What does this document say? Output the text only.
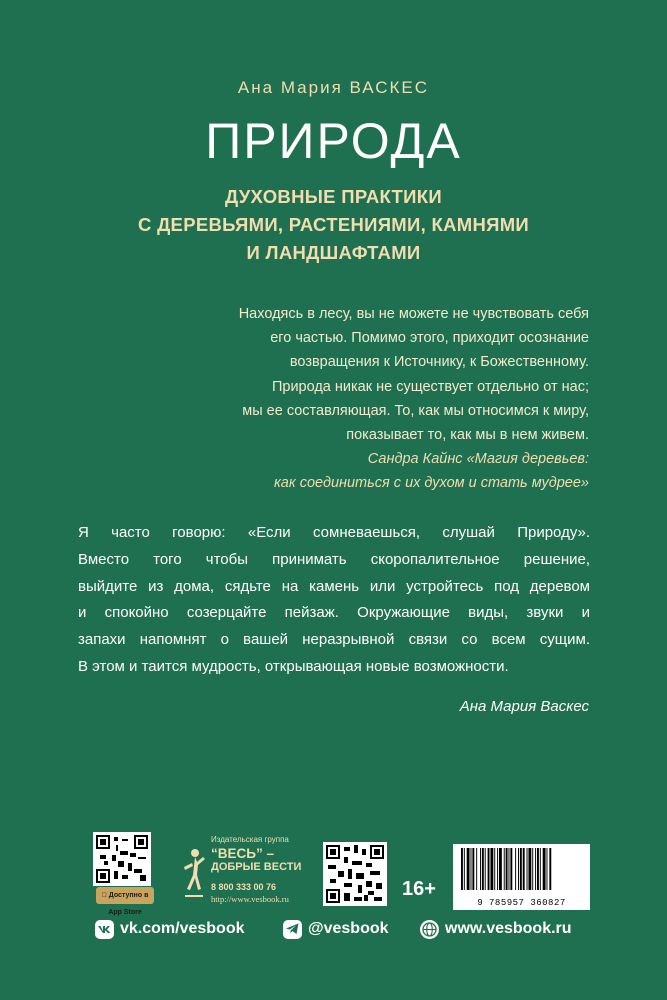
Ана Мария ВАСКЕС
ПРИРОДА
ДУХОВНЫЕ ПРАКТИКИ
С ДЕРЕВЬЯМИ, РАСТЕНИЯМИ, КАМНЯМИ
И ЛАНДШАФТАМИ
Находясь в лесу, вы не можете не чувствовать себя
его частью. Помимо этого, приходит осознание
возвращения к Источнику, к Божественному.
Природа никак не существует отдельно от нас;
мы ее составляющая. То, как мы относимся к миру,
показывает то, как мы в нем живем.
Сандра Кайнс «Магия деревьев:
как соединиться с их духом и стать мудрее»
Я часто говорю: «Если сомневаешься, слушай Природу».
Вместо того чтобы принимать скоропалительное решение,
выйдите из дома, сядьте на камень или устройтесь под деревом
и спокойно созерцайте пейзаж. Окружающие виды, звуки и
запахи напомнят о вашей неразрывной связи со всем сущим.
В этом и таится мудрость, открывающая новые возможности.
Ана Мария Васкес
Доступно в App Store
Издательская группа
“ВЕСЬ” –
ДОБРЫЕ ВЕСТИ
8 800 333 00 76
http://www.vesbook.ru	16+
9 785957 360827
vk.com/vesbook	@vesbook	www.vesbook.ru
